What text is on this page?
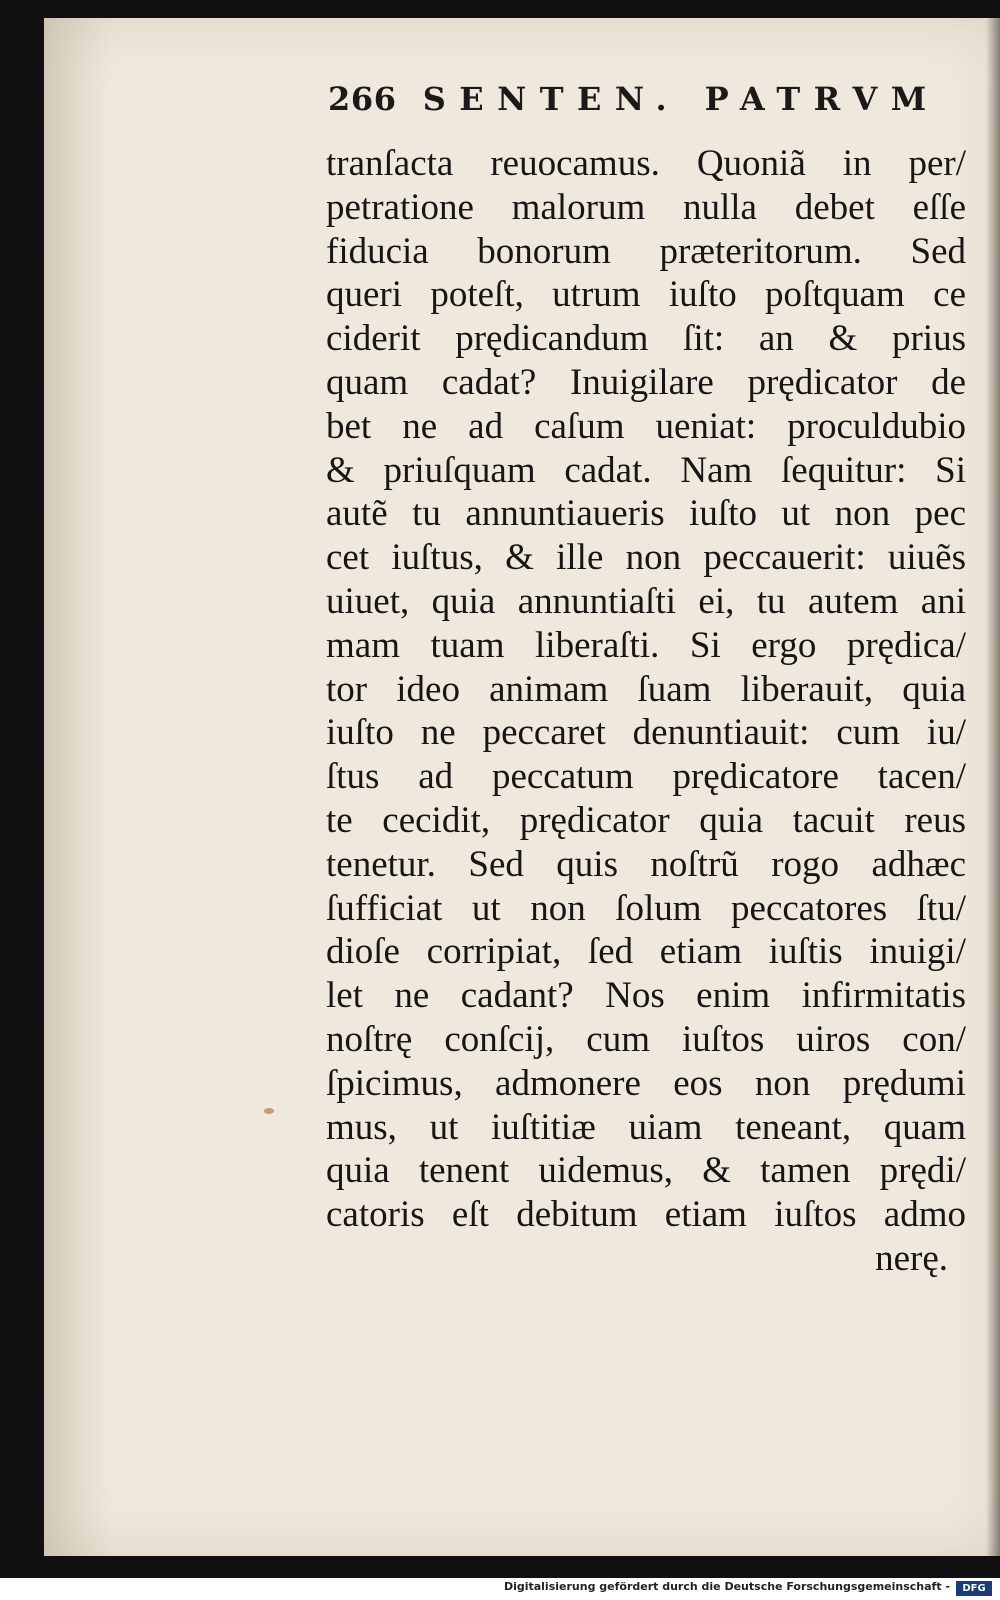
266 SENTEN. PATRVM
tranſacta reuocamus. Quoniã in per/
petratione malorum nulla debet eſſe
fiducia bonorum præteritorum. Sed
queri poteſt, utrum iuſto poſtquam ce
ciderit prędicandum ſit: an & prius
quam cadat? Inuigilare prędicator de
bet ne ad caſum ueniat: proculdubio
& priuſquam cadat. Nam ſequitur: Si
autẽ tu annuntiaueris iuſto ut non pec
cet iuſtus, & ille non peccauerit: uiuẽs
uiuet, quia annuntiaſti ei, tu autem ani
mam tuam liberaſti. Si ergo prędica/
tor ideo animam ſuam liberauit, quia
iuſto ne peccaret denuntiauit: cum iu/
ſtus ad peccatum prędicatore tacen/
te cecidit, prędicator quia tacuit reus
tenetur. Sed quis noſtrũ rogo adhæc
ſufficiat ut non ſolum peccatores ſtu/
dioſe corripiat, ſed etiam iuſtis inuigi/
let ne cadant? Nos enim infirmitatis
noſtrę conſcij, cum iuſtos uiros con/
ſpicimus, admonere eos non prędumi
mus, ut iuſtitiæ uiam teneant, quam
quia tenent uidemus, & tamen prędi/
catoris eſt debitum etiam iuſtos admo
nerę.
Digitalisierung gefördert durch die Deutsche Forschungsgemeinschaft -	DFG
